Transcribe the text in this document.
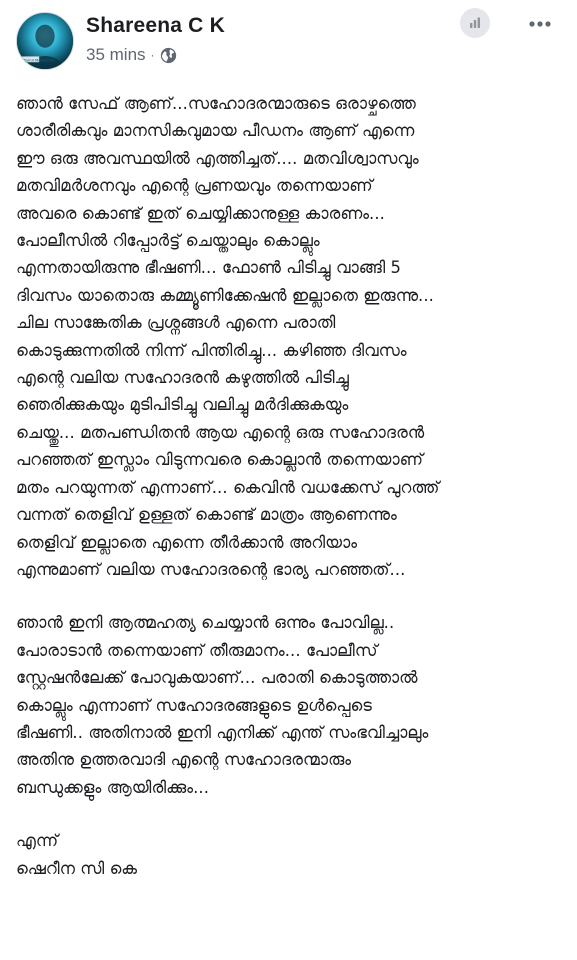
Tamil Mawesoon
Shareena C K
35 mins ·

ഞാൻ സേഫ് ആണ്...സഹോദരന്മാരുടെ ഒരാഴ്ചത്തെ
ശാരീരികവും മാനസികവുമായ പീഡനം ആണ് എന്നെ
ഈ ഒരു അവസ്ഥയിൽ എത്തിച്ചത്.... മതവിശ്വാസവും
മതവിമർശനവും എന്റെ പ്രണയവും തന്നെയാണ്
അവരെ കൊണ്ട് ഇത് ചെയ്യിക്കാനുള്ള കാരണം...
പോലീസിൽ റിപ്പോർട്ട് ചെയ്താലും കൊല്ലും
എന്നതായിരുന്നു ഭീഷണി... ഫോൺ പിടിച്ചു വാങ്ങി 5
ദിവസം യാതൊരു കമ്മ്യൂണിക്കേഷൻ ഇല്ലാതെ ഇരുന്നു...
ചില സാങ്കേതിക പ്രശ്നങ്ങൾ എന്നെ പരാതി
കൊടുക്കുന്നതിൽ നിന്ന് പിന്തിരിച്ചു... കഴിഞ്ഞ ദിവസം
എന്റെ വലിയ സഹോദരൻ കഴുത്തിൽ പിടിച്ചു
ഞെരിക്കുകയും മുടിപിടിച്ചു വലിച്ചു മർദിക്കുകയും
ചെയ്തു... മതപണ്ഡിതൻ ആയ എന്റെ ഒരു സഹോദരൻ
പറഞ്ഞത് ഇസ്ലാം വിടുന്നവരെ കൊല്ലാൻ തന്നെയാണ്
മതം പറയുന്നത് എന്നാണ്... കെവിൻ വധക്കേസ് പുറത്ത്
വന്നത് തെളിവ് ഉള്ളത് കൊണ്ട് മാത്രം ആണെന്നും
തെളിവ് ഇല്ലാതെ എന്നെ തീർക്കാൻ അറിയാം
എന്നുമാണ് വലിയ സഹോദരന്റെ ഭാര്യ പറഞ്ഞത്...

ഞാൻ ഇനി ആത്മഹത്യ ചെയ്യാൻ ഒന്നും പോവില്ല..
പോരാടാൻ തന്നെയാണ് തീരുമാനം... പോലീസ്
സ്റ്റേഷൻലേക്ക് പോവുകയാണ്... പരാതി കൊടുത്താൽ
കൊല്ലും എന്നാണ് സഹോദരങ്ങളുടെ ഉൾപ്പെടെ
ഭീഷണി.. അതിനാൽ ഇനി എനിക്ക് എന്ത് സംഭവിച്ചാലും
അതിനു ഉത്തരവാദി എന്റെ സഹോദരന്മാരും
ബന്ധുക്കളും ആയിരിക്കും...

എന്ന്
ഷെറീന സി കെ
